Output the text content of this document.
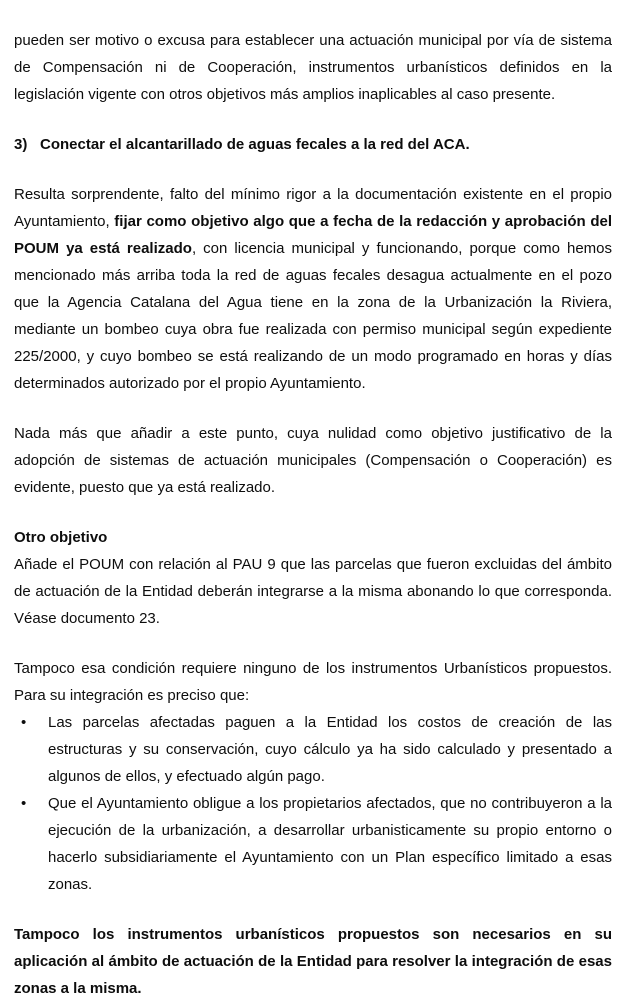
pueden ser motivo o excusa para establecer una actuación municipal por vía de sistema de Compensación ni de Cooperación, instrumentos urbanísticos definidos en la legislación vigente con otros objetivos más amplios inaplicables al caso presente.

3) Conectar el alcantarillado de aguas fecales a la red del ACA.

Resulta sorprendente, falto del mínimo rigor a la documentación existente en el propio Ayuntamiento, fijar como objetivo algo que a fecha de la redacción y aprobación del POUM ya está realizado, con licencia municipal y funcionando, porque como hemos mencionado más arriba toda la red de aguas fecales desagua actualmente en el pozo que la Agencia Catalana del Agua tiene en la zona de la Urbanización la Riviera, mediante un bombeo cuya obra fue realizada con permiso municipal según expediente 225/2000, y cuyo bombeo se está realizando de un modo programado en horas y días determinados autorizado por el propio Ayuntamiento.

Nada más que añadir a este punto, cuya nulidad como objetivo justificativo de la adopción de sistemas de actuación municipales (Compensación o Cooperación) es evidente, puesto que ya está realizado.

Otro objetivo

Añade el POUM con relación al PAU 9 que las parcelas que fueron excluidas del ámbito de actuación de la Entidad deberán integrarse a la misma abonando lo que corresponda. Véase documento 23.

Tampoco esa condición requiere ninguno de los instrumentos Urbanísticos propuestos. Para su integración es preciso que:

• Las parcelas afectadas paguen a la Entidad los costos de creación de las estructuras y su conservación, cuyo cálculo ya ha sido calculado y presentado a algunos de ellos, y efectuado algún pago.
• Que el Ayuntamiento obligue a los propietarios afectados, que no contribuyeron a la ejecución de la urbanización, a desarrollar urbanisticamente su propio entorno o hacerlo subsidiariamente el Ayuntamiento con un Plan específico limitado a esas zonas.

Tampoco los instrumentos urbanísticos propuestos son necesarios en su aplicación al ámbito de actuación de la Entidad para resolver la integración de esas zonas a la misma.
